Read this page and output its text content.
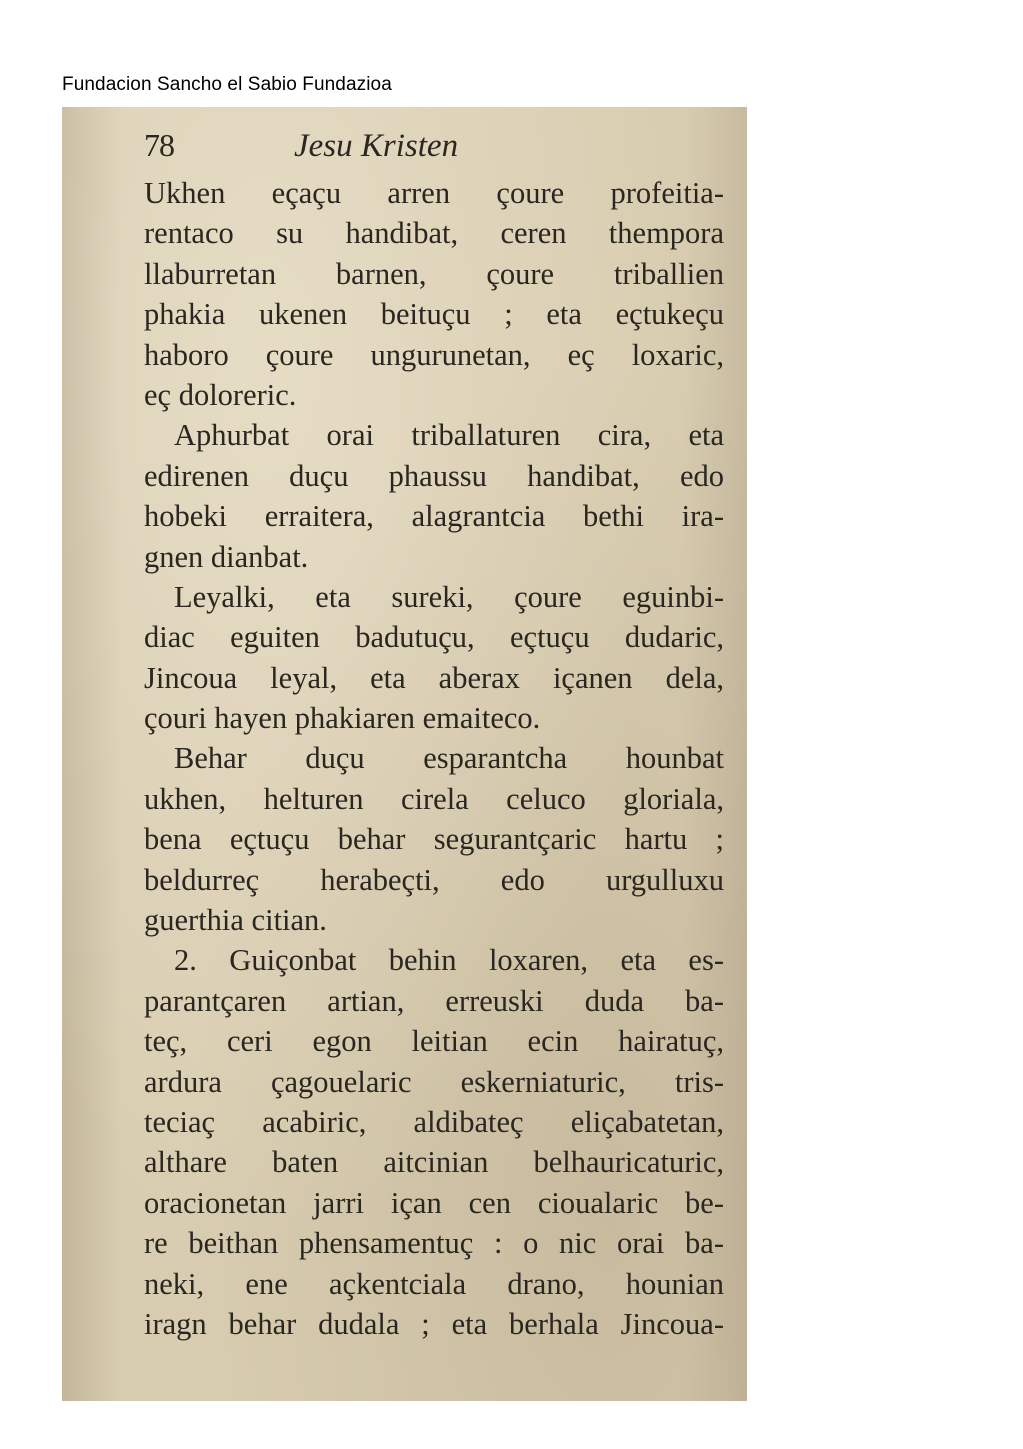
Fundacion Sancho el Sabio Fundazioa
78	Jesu Kristen
Ukhen eçaçu arren çoure profeitia-
rentaco su handibat, ceren thempora
llaburretan barnen, çoure triballien
phakia ukenen beituçu ; eta eçtukeçu
haboro çoure ungurunetan, eç loxaric,
eç doloreric.
Aphurbat orai triballaturen cira, eta
edirenen duçu phaussu handibat, edo
hobeki erraitera, alagrantcia bethi ira-
gnen dianbat.
Leyalki, eta sureki, çoure eguinbi-
diac eguiten badutuçu, eçtuçu dudaric,
Jincoua leyal, eta aberax içanen dela,
çouri hayen phakiaren emaiteco.
Behar duçu esparantcha hounbat
ukhen, helturen cirela celuco gloriala,
bena eçtuçu behar segurantçaric hartu ;
beldurreç herabeçti, edo urgulluxu
guerthia citian.
2. Guiçonbat behin loxaren, eta es-
parantçaren artian, erreuski duda ba-
teç, ceri egon leitian ecin hairatuç,
ardura çagouelaric eskerniaturic, tris-
teciaç acabiric, aldibateç eliçabatetan,
althare baten aitcinian belhauricaturic,
oracionetan jarri içan cen cioualaric be-
re beithan phensamentuç : o nic orai ba-
neki, ene açkentciala drano, hounian
iragn behar dudala ; eta berhala Jincoua-
